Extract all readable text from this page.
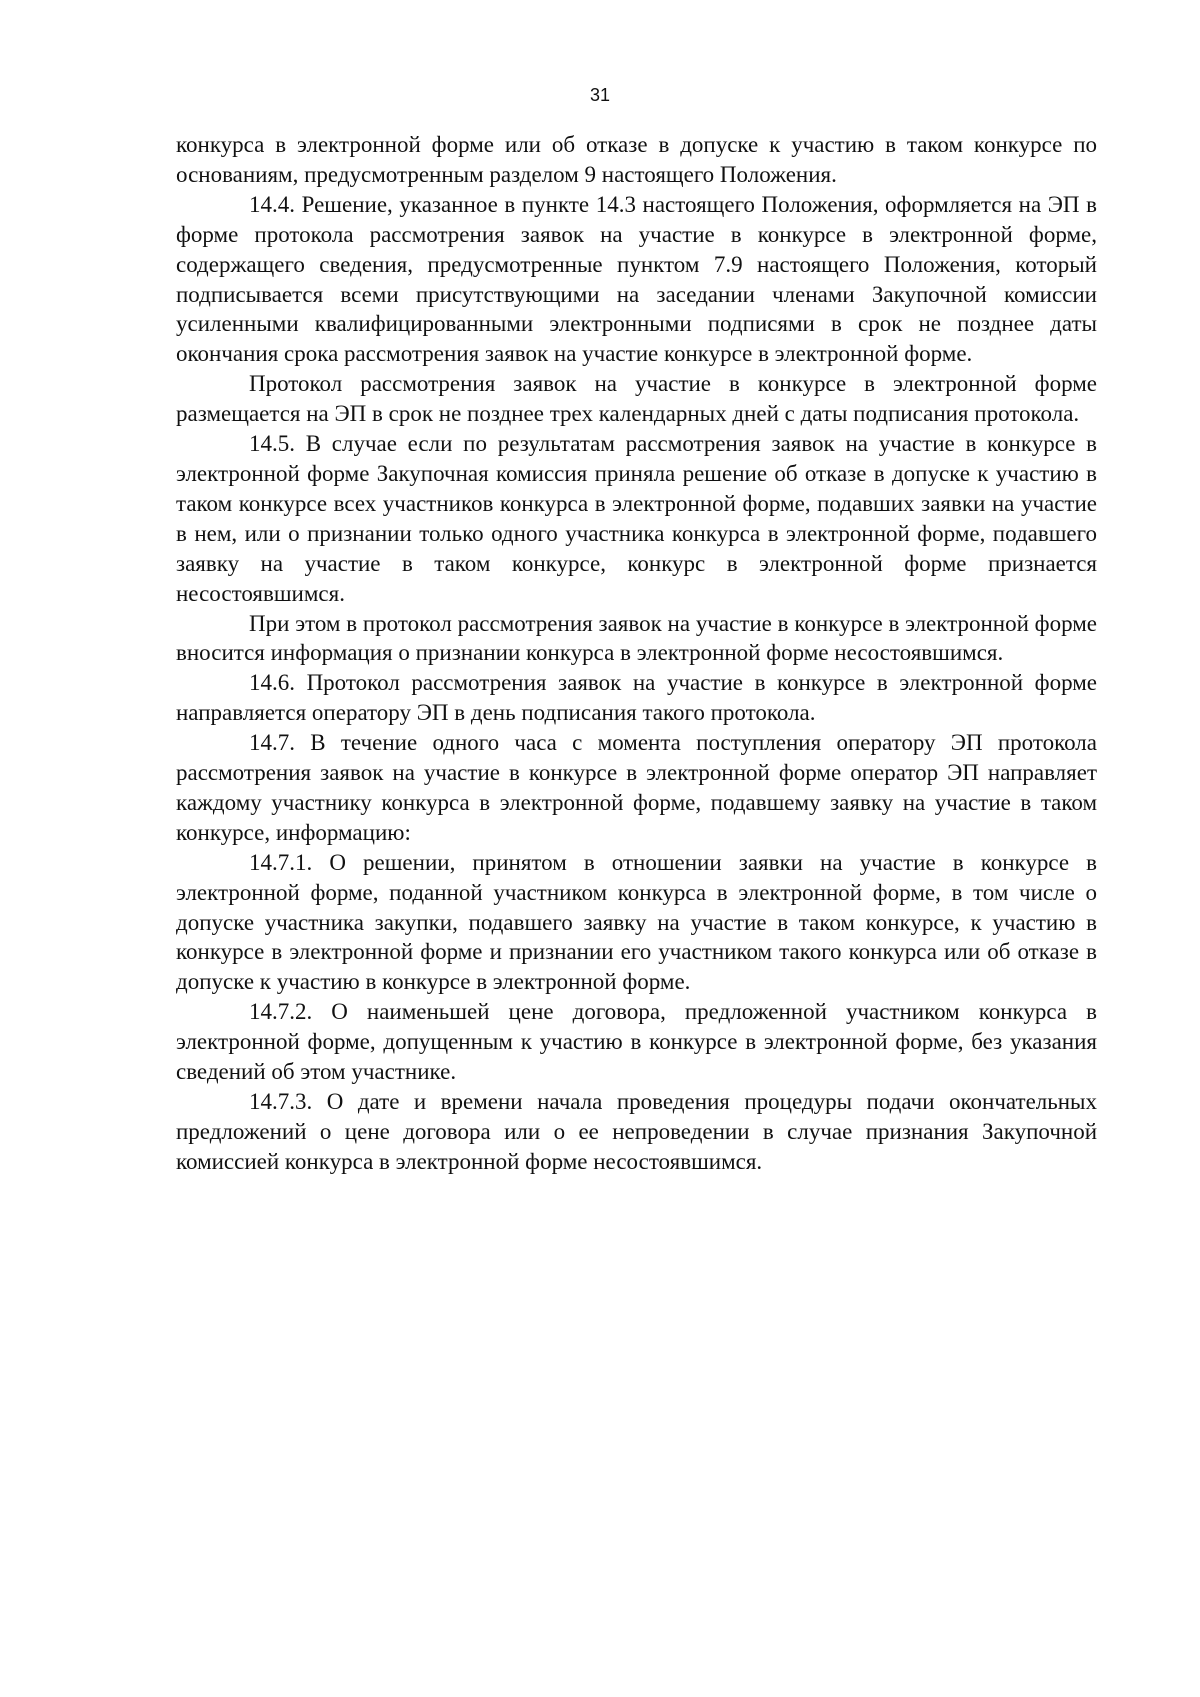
31

конкурса в электронной форме или об отказе в допуске к участию в таком конкурсе по основаниям, предусмотренным разделом 9 настоящего Положения.

14.4. Решение, указанное в пункте 14.3 настоящего Положения, оформляется на ЭП в форме протокола рассмотрения заявок на участие в конкурсе в электронной форме, содержащего сведения, предусмотренные пунктом 7.9 настоящего Положения, который подписывается всеми присутствующими на заседании членами Закупочной комиссии усиленными квалифицированными электронными подписями в срок не позднее даты окончания срока рассмотрения заявок на участие конкурсе в электронной форме.

Протокол рассмотрения заявок на участие в конкурсе в электронной форме размещается на ЭП в срок не позднее трех календарных дней с даты подписания протокола.

14.5. В случае если по результатам рассмотрения заявок на участие в конкурсе в электронной форме Закупочная комиссия приняла решение об отказе в допуске к участию в таком конкурсе всех участников конкурса в электронной форме, подавших заявки на участие в нем, или о признании только одного участника конкурса в электронной форме, подавшего заявку на участие в таком конкурсе, конкурс в электронной форме признается несостоявшимся.

При этом в протокол рассмотрения заявок на участие в конкурсе в электронной форме вносится информация о признании конкурса в электронной форме несостоявшимся.

14.6. Протокол рассмотрения заявок на участие в конкурсе в электронной форме направляется оператору ЭП в день подписания такого протокола.

14.7. В течение одного часа с момента поступления оператору ЭП протокола рассмотрения заявок на участие в конкурсе в электронной форме оператор ЭП направляет каждому участнику конкурса в электронной форме, подавшему заявку на участие в таком конкурсе, информацию:

14.7.1. О решении, принятом в отношении заявки на участие в конкурсе в электронной форме, поданной участником конкурса в электронной форме, в том числе о допуске участника закупки, подавшего заявку на участие в таком конкурсе, к участию в конкурсе в электронной форме и признании его участником такого конкурса или об отказе в допуске к участию в конкурсе в электронной форме.

14.7.2. О наименьшей цене договора, предложенной участником конкурса в электронной форме, допущенным к участию в конкурсе в электронной форме, без указания сведений об этом участнике.

14.7.3. О дате и времени начала проведения процедуры подачи окончательных предложений о цене договора или о ее непроведении в случае признания Закупочной комиссией конкурса в электронной форме несостоявшимся.
